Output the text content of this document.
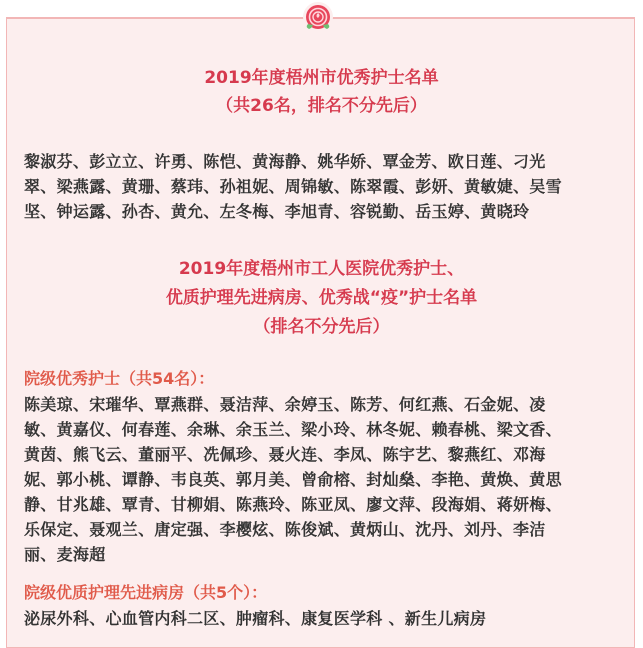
2019年度梧州市优秀护士名单
（共26名，排名不分先后）
黎淑芬、彭立立、许勇、陈恺、黄海静、姚华娇、覃金芳、欧日莲、刁光
翠、梁燕露、黄珊、蔡玮、孙祖妮、周锦敏、陈翠霞、彭妍、黄敏婕、吴雪
坚、钟运露、孙杏、黄允、左冬梅、李旭青、容锐勤、岳玉婷、黄晓玲
2019年度梧州市工人医院优秀护士、
优质护理先进病房、优秀战“疫”护士名单
（排名不分先后）
院级优秀护士（共54名）：
陈美琼、宋璀华、覃燕群、聂洁萍、余婷玉、陈芳、何红燕、石金妮、凌
敏、黄嘉仪、何春莲、余琳、余玉兰、梁小玲、林冬妮、赖春桃、梁文香、
黄茵、熊飞云、董丽平、冼佩珍、聂火连、李凤、陈宇艺、黎燕红、邓海
妮、郭小桃、谭静、韦良英、郭月美、曾俞榕、封灿燊、李艳、黄焕、黄思
静、甘兆雄、覃青、甘柳娟、陈燕玲、陈亚凤、廖文萍、段海娟、蒋妍梅、
乐保定、聂观兰、唐定强、李樱炫、陈俊斌、黄炳山、沈丹、刘丹、李洁
丽、麦海超
院级优质护理先进病房（共5个）：
泌尿外科、心血管内科二区、肿瘤科、康复医学科 、新生儿病房
